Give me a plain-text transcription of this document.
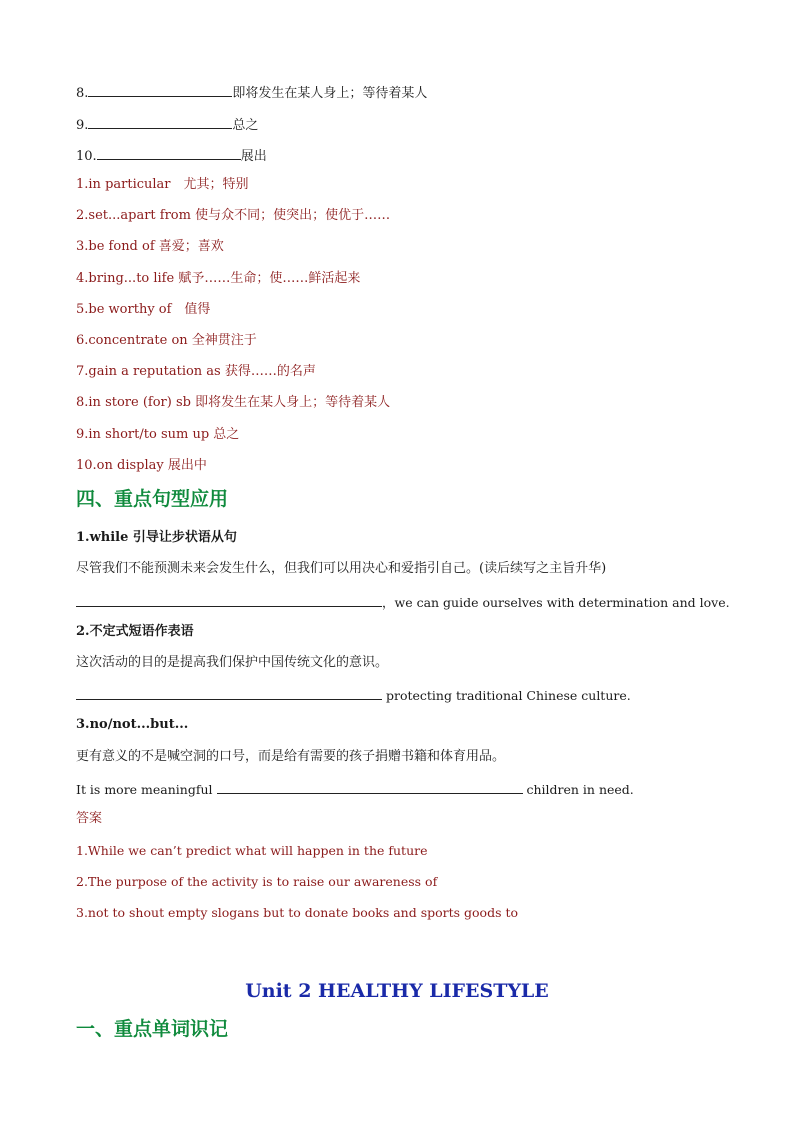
8.	即将发生在某人身上；等待着某人
9.	总之
10.	展出
1.in particular　尤其；特别
2.set...apart from 使与众不同；使突出；使优于……
3.be fond of 喜爱；喜欢
4.bring...to life 赋予……生命；使……鲜活起来
5.be worthy of　值得
6.concentrate on 全神贯注于
7.gain a reputation as 获得……的名声
8.in store (for) sb 即将发生在某人身上；等待着某人
9.in short/to sum up 总之
10.on display 展出中
四、重点句型应用
1.while 引导让步状语从句
尽管我们不能预测未来会发生什么，但我们可以用决心和爱指引自己。(读后续写之主旨升华)
，we can guide ourselves with determination and love.
2.不定式短语作表语
这次活动的目的是提高我们保护中国传统文化的意识。
protecting traditional Chinese culture.
3.no/not...but...
更有意义的不是喊空洞的口号，而是给有需要的孩子捐赠书籍和体育用品。
It is more meaningful	children in need.
答案
1.While we can’t predict what will happen in the future
2.The purpose of the activity is to raise our awareness of
3.not to shout empty slogans but to donate books and sports goods to
Unit 2 HEALTHY LIFESTYLE
一、重点单词识记
